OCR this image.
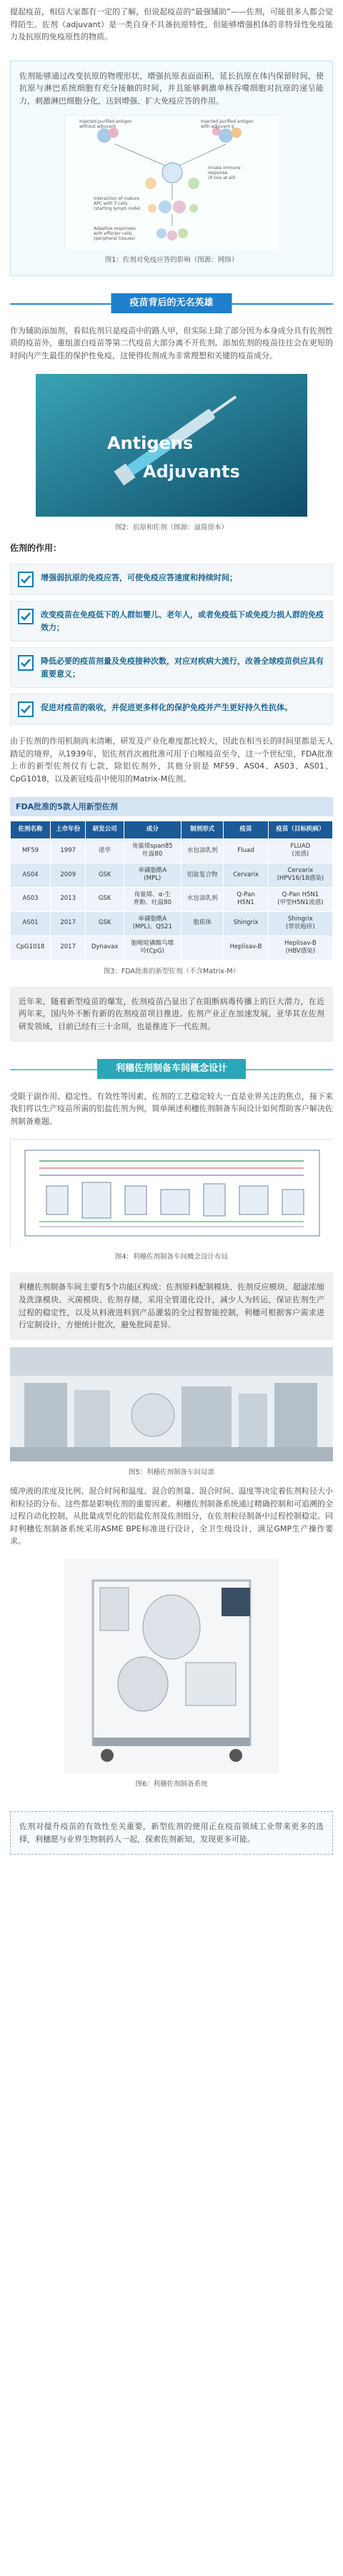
提起疫苗，相信大家都有一定的了解，但说起疫苗的“最强辅助”——佐剂，可能很多人都会觉得陌生。佐剂（adjuvant）是一类自身不具备抗原特性，但能够增强机体的非特异性免疫能力及抗原的免疫原性的物质。
佐剂能够通过改变抗原的物理形状，增强抗原表面面积，延长抗原在体内保留时间，使抗原与淋巴系统细胞有充分接触的时间，并且能够刺激单核吞噬细胞对抗原的递呈能力，刺激淋巴细胞分化，达到增强、扩大免疫应答的作用。
Injected purified antigen
without adjuvant
Injected purified antigen
with adjuvant g
Innate immune
response
(if one at all)
Interaction of mature
APC with T cells
(starting lymph node)
Adaptive responses
with effector cells
(peripheral tissues)
图1：佐剂对免疫应答的影响（图源：网络）
疫苗背后的无名英雄
作为辅助添加剂，看似佐剂只是疫苗中的路人甲，但实际上除了部分因为本身成分具有佐剂性质的疫苗外，重组蛋白疫苗等第二代疫苗大部分离不开佐剂。添加佐剂的疫苗往往会在更短的时间内产生最佳的保护性免疫，这使得佐剂成为非常理想和关键的疫苗成分。
Antigens
Adjuvants
图2：抗原和佐剂（图源：溢简资本）
佐剂的作用：
增强弱抗原的免疫应答，可使免疫应答速度和持续时间；
改变疫苗在免疫低下的人群如婴儿、老年人，或者免疫低下或免疫力损人群的免疫效力；
降低必要的疫苗剂量及免疫接种次数，对应对疾病大流行，改善全球疫苗供应具有重要意义；
促进对疫苗的吸收，并促进更多样化的保护免疫并产生更好持久性抗体。
由于佐剂的作用机制尚未清晰，研发及产业化难度都比较大，因此在相当长的时间里都是无人踏足的境界，从1939年，铝佐剂首次被批准可用于白喉疫苗至今，这一个世纪里，FDA批准上市的新型佐剂仅有七款，除铝佐剂外，其他分别是 MF59、AS04、AS03、AS01、CpG1018，以及新冠疫苗中使用的Matrix-M佐剂。
FDA批准的5款人用新型佐剂
佐剂名称	上市年份	研发公司	成分	制剂形式	疫苗	疫苗（目标疾病）
MF59	1997	诺华	角鲨烯span85
吐温80	水包油乳剂	Fluad	FLUAD
(流感)
AS04	2009	GSK	单磷脂酰A
(MPL)	铝盐复合物	Cervarix	Cervarix
(HPV16/18感染)
AS03	2013	GSK	角鲨烯、α-生
育酚、吐温80	水包油乳剂	Q-Pan
H5N1	Q-Pan H5N1
(甲型H5N1流感)
AS01	2017	GSK	单磷脂酰A
(MPL)、QS21	脂质体	Shingrix	Shingrix
(带状疱疹)
CpG1018	2017	Dynavax	胞嘧啶磷酸鸟嘌
呤(CpG)		Heplisav-B	Heplisav-B
(HBV感染)
图3：FDA批准的新型佐剂（不含Matrix-M）
近年来，随着新型疫苗的爆发，佐剂疫苗凸显出了在阻断病毒传播上的巨大潜力，在近两年来，国内外不断有新的佐剂疫苗项目推进。佐剂产业正在加速发展，亚华其在佐剂研发领域，目前已经有三十余项，也是推进下一代佐剂。
利穗佐剂制备车间概念设计
受限于副作用、稳定性、有效性等因素，佐剂的工艺稳定较大一直是业界关注的焦点，接下来我们将以生产疫苗所需的铝盐佐剂为例，简单阐述利穗佐剂制备车间设计如何帮助客户解决佐剂制备难题。
图4：利穗佐剂制备车间概念设计布局
利穗佐剂制备车间主要有5个功能区构成：佐剂原料配制模块、佐剂反应模块、超滤浓缩及洗涤模块、灭菌模块、佐剂存储，采用全管道化设计，减少人为转运，保证佐剂生产过程的稳定性，以及从料液进料到产品灌装的全过程智能控制，利穗可根据客户需求进行定制设计，方便统计批次，避免批间差异。
图5：利穗佐剂制备车间局部
缓冲液的浓度及比例、混合时间和温度、混合的剂量、混合时间、温度等决定着佐剂粒径大小和粒径的分布。这些都是影响佐剂的重要因素。利穗佐剂制备系统通过精确控制和可追溯的全过程自动化控制，从批量成型化的铝盐佐剂及佐剂组分，在佐剂粒径制备中过程控制稳定。同时利穗佐剂制备系统采用ASME BPE标准进行设计，全卫生级设计，满足GMP生产操作要求。
图6：利穗佐剂制备系统
佐剂对提升疫苗的有效性至关重要，新型佐剂的使用正在疫苗领域工业带来更多的选择，利穗愿与业界生物制药人一起，探索佐剂新知，发现更多可能。
